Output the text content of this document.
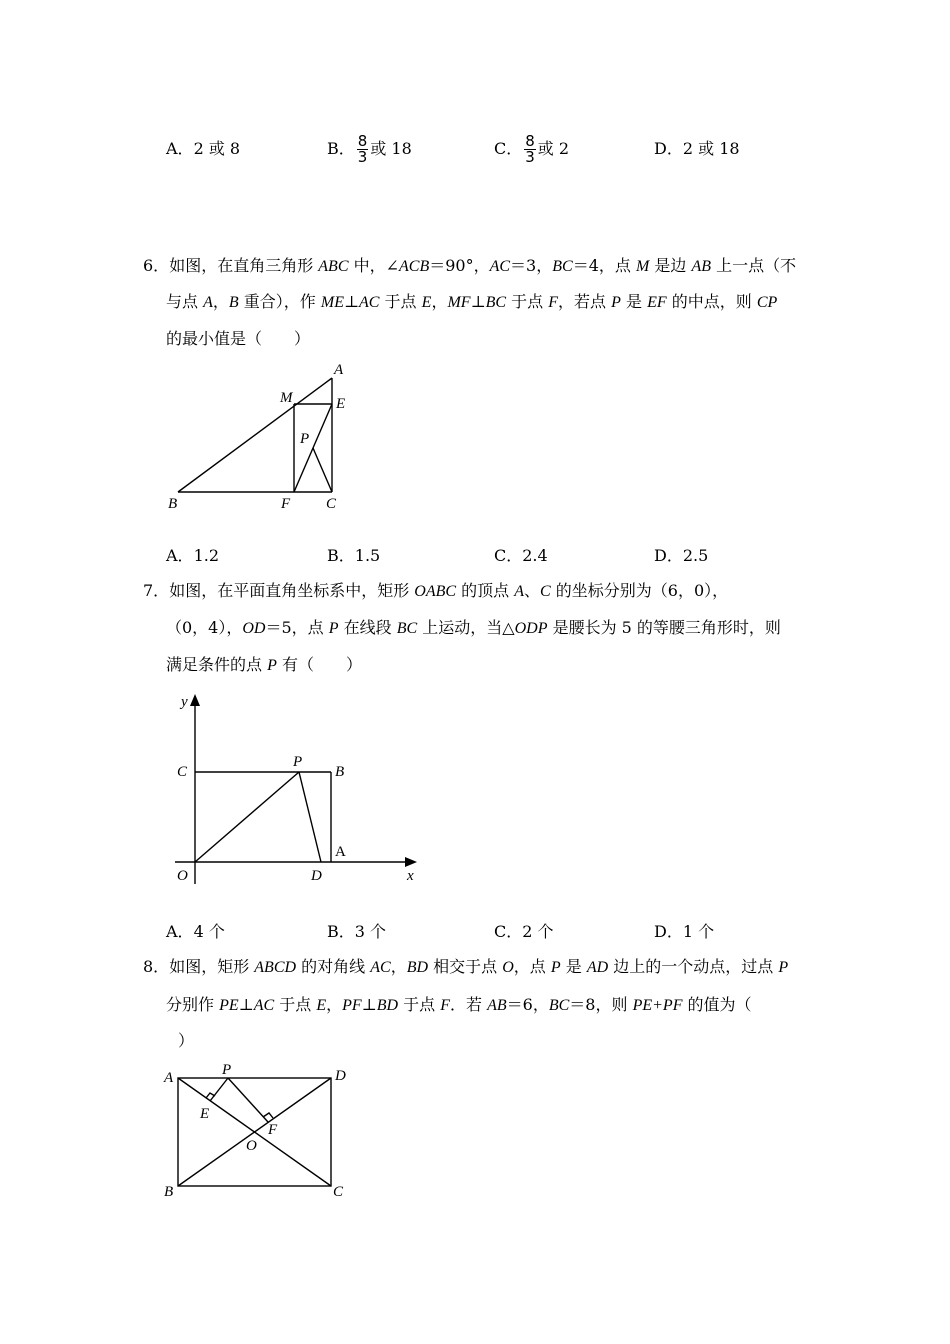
A．2 或 8	B． $\frac{8}{3}$ 或 18	C． $\frac{8}{3}$ 或 2	D．2 或 18
6．如图，在直角三角形 ABC 中，∠ACB＝90°，AC＝3，BC＝4，点 M 是边 AB 上一点（不
与点 A，B 重合），作 ME⊥AC 于点 E，MF⊥BC 于点 F，若点 P 是 EF 的中点，则 CP
的最小值是（　　）
A
M	E
P
B	F C
A．1.2	B．1.5	C．2.4	D．2.5
7．如图，在平面直角坐标系中，矩形 OABC 的顶点 A、C 的坐标分别为（6，0），
（0，4），OD＝5，点 P 在线段 BC 上运动，当△ODP 是腰长为 5 的等腰三角形时，则
满足条件的点 P 有（　　）
y
x
C
P
B
A
O	D
A．4 个	B．3 个	C．2 个	D．1 个
8．如图，矩形 ABCD 的对角线 AC，BD 相交于点 O，点 P 是 AD 边上的一个动点，过点 P
分别作 PE⊥AC 于点 E，PF⊥BD 于点 F．若 AB＝6，BC＝8，则 PE+PF 的值为（
）
A	P	D
E
F
O
B	C
